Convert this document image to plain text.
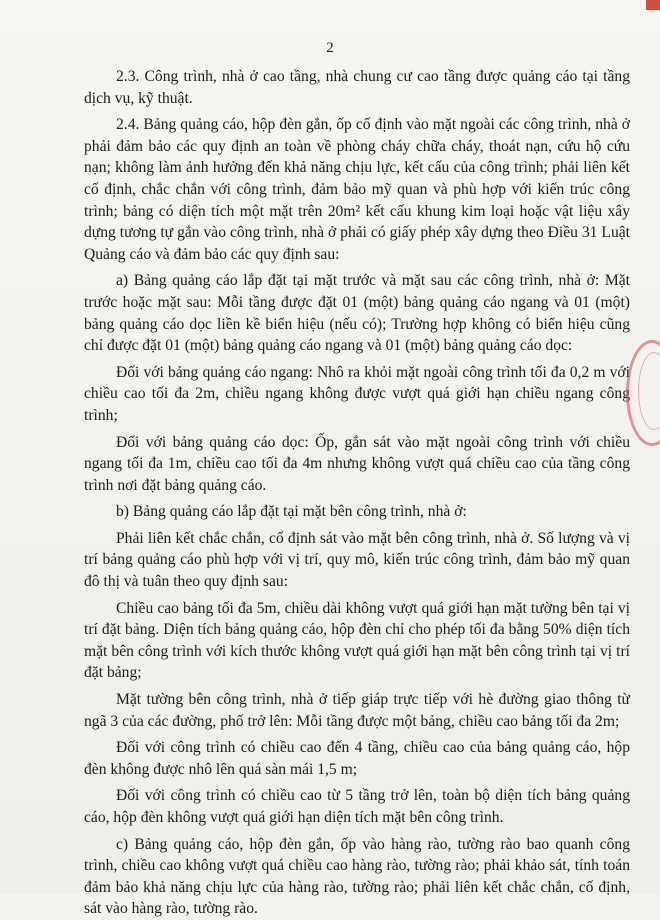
2

2.3. Công trình, nhà ở cao tầng, nhà chung cư cao tầng được quảng cáo tại tầng dịch vụ, kỹ thuật.

2.4. Bảng quảng cáo, hộp đèn gắn, ốp cố định vào mặt ngoài các công trình, nhà ở phải đảm bảo các quy định an toàn về phòng cháy chữa cháy, thoát nạn, cứu hộ cứu nạn; không làm ảnh hưởng đến khả năng chịu lực, kết cấu của công trình; phải liên kết cố định, chắc chắn với công trình, đảm bảo mỹ quan và phù hợp với kiến trúc công trình; bảng có diện tích một mặt trên 20m² kết cấu khung kim loại hoặc vật liệu xây dựng tương tự gắn vào công trình, nhà ở phải có giấy phép xây dựng theo Điều 31 Luật Quảng cáo và đảm bảo các quy định sau:

a) Bảng quảng cáo lắp đặt tại mặt trước và mặt sau các công trình, nhà ở: Mặt trước hoặc mặt sau: Mỗi tầng được đặt 01 (một) bảng quảng cáo ngang và 01 (một) bảng quảng cáo dọc liền kề biển hiệu (nếu có); Trường hợp không có biển hiệu cũng chỉ được đặt 01 (một) bảng quảng cáo ngang và 01 (một) bảng quảng cáo dọc:

Đối với bảng quảng cáo ngang: Nhô ra khỏi mặt ngoài công trình tối đa 0,2 m với chiều cao tối đa 2m, chiều ngang không được vượt quá giới hạn chiều ngang công trình;

Đối với bảng quảng cáo dọc: Ốp, gắn sát vào mặt ngoài công trình với chiều ngang tối đa 1m, chiều cao tối đa 4m nhưng không vượt quá chiều cao của tầng công trình nơi đặt bảng quảng cáo.

b) Bảng quảng cáo lắp đặt tại mặt bên công trình, nhà ở:

Phải liên kết chắc chắn, cố định sát vào mặt bên công trình, nhà ở. Số lượng và vị trí bảng quảng cáo phù hợp với vị trí, quy mô, kiến trúc công trình, đảm bảo mỹ quan đô thị và tuân theo quy định sau:

Chiều cao bảng tối đa 5m, chiều dài không vượt quá giới hạn mặt tường bên tại vị trí đặt bảng. Diện tích bảng quảng cáo, hộp đèn chỉ cho phép tối đa bằng 50% diện tích mặt bên công trình với kích thước không vượt quá giới hạn mặt bên công trình tại vị trí đặt bảng;

Mặt tường bên công trình, nhà ở tiếp giáp trực tiếp với hè đường giao thông từ ngã 3 của các đường, phố trở lên: Mỗi tầng được một bảng, chiều cao bảng tối đa 2m;

Đối với công trình có chiều cao đến 4 tầng, chiều cao của bảng quảng cáo, hộp đèn không được nhô lên quá sàn mái 1,5 m;

Đối với công trình có chiều cao từ 5 tầng trở lên, toàn bộ diện tích bảng quảng cáo, hộp đèn không vượt quá giới hạn diện tích mặt bên công trình.

c) Bảng quảng cáo, hộp đèn gắn, ốp vào hàng rào, tường rào bao quanh công trình, chiều cao không vượt quá chiều cao hàng rào, tường rào; phải khảo sát, tính toán đảm bảo khả năng chịu lực của hàng rào, tường rào; phải liên kết chắc chắn, cố định, sát vào hàng rào, tường rào.
